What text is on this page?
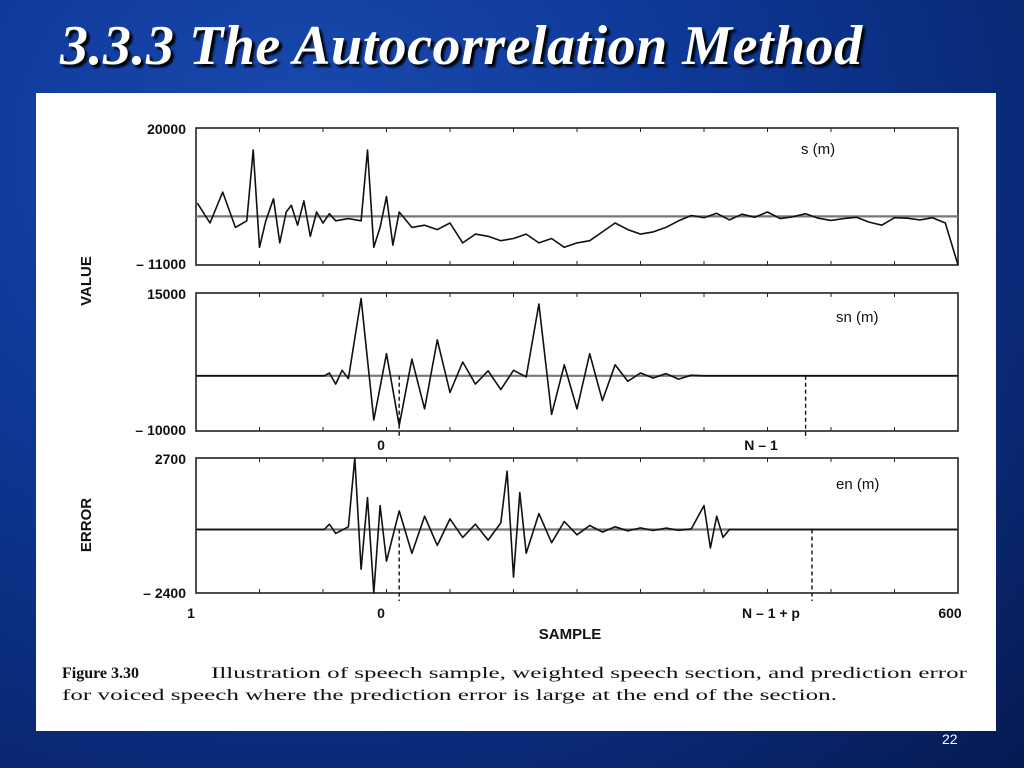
3.3.3 The Autocorrelation Method
VALUE
ERROR
20000
– 11000
15000
– 10000
2700
– 2400
s (m)
sn (m)
en (m)
0	N – 1
1	0	N – 1 + p	600
SAMPLE
Figure 3.30	Illustration of speech sample, weighted speech section, and prediction error
for voiced speech where the prediction error is large at the end of the section.
22
